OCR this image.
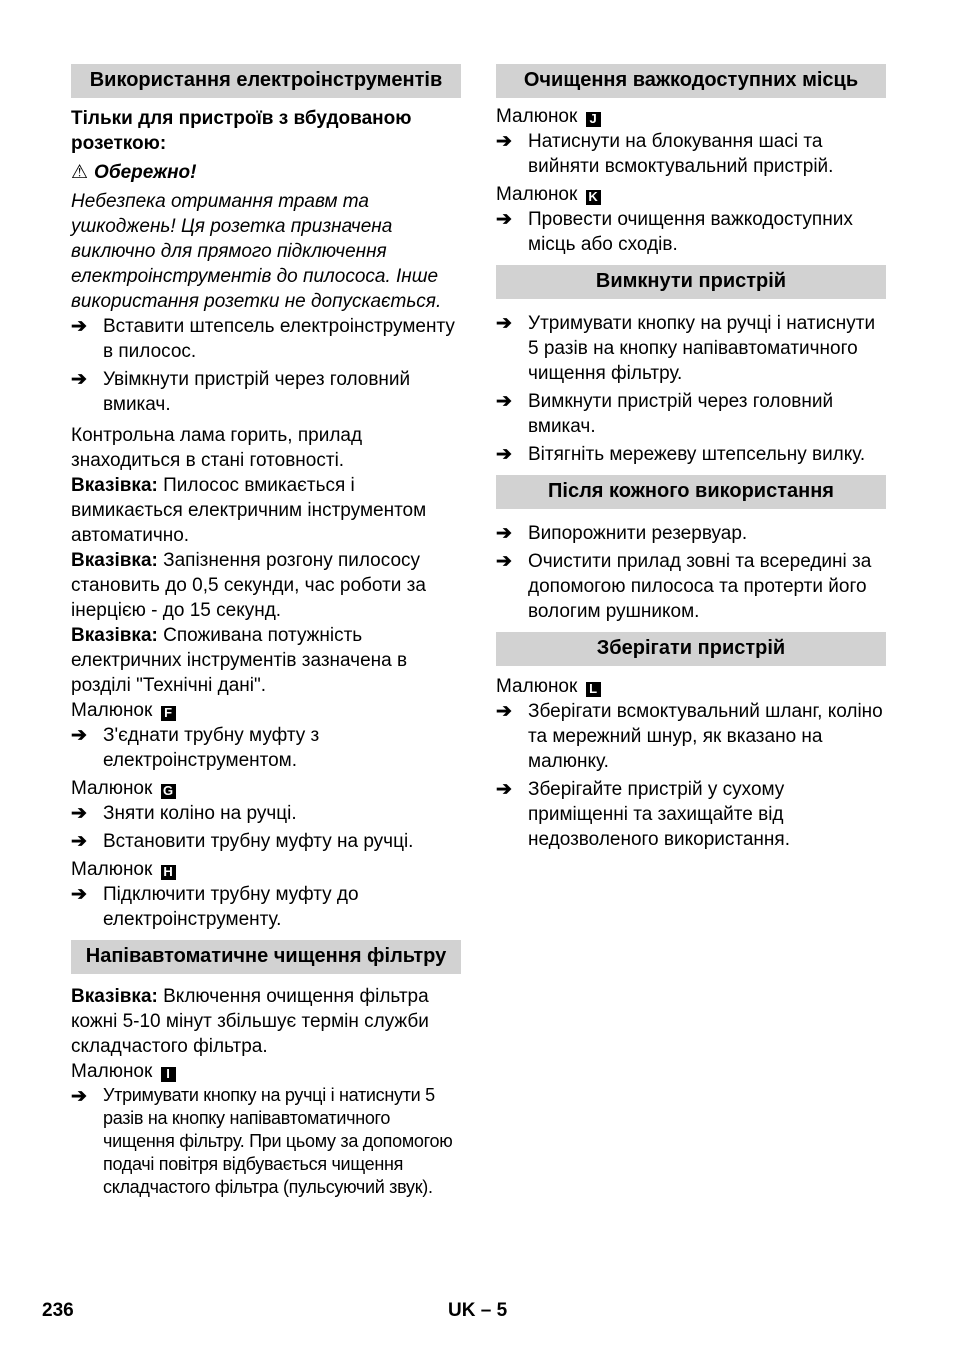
Використання електроінструментів
Тільки для пристроїв з вбудованою розеткою:
⚠ Обережно!
Небезпека отримання травм та ушкоджень! Ця розетка призначена виключно для прямого підключення електроінструментів до пилососа. Інше використання розетки не допускається.
➔ Вставити штепсель електроінструменту в пилосос.
➔ Увімкнути пристрій через головний вмикач.
Контрольна лама горить, прилад знаходиться в стані готовності.
Вказівка: Пилосос вмикається і вимикається електричним інструментом автоматично.
Вказівка: Запізнення розгону пилососу становить до 0,5 секунди, час роботи за інерцією - до 15 секунд.
Вказівка: Споживана потужність електричних інструментів зазначена в розділі "Технічні дані".
Малюнок F
➔ З'єднати трубну муфту з електроінструментом.
Малюнок G
➔ Зняти коліно на ручці.
➔ Встановити трубну муфту на ручці.
Малюнок H
➔ Підключити трубну муфту до електроінструменту.
Напівавтоматичне чищення фільтру
Вказівка: Включення очищення фільтра кожні 5-10 мінут збільшує термін служби складчастого фільтра.
Малюнок I
➔ Утримувати кнопку на ручці і натиснути 5 разів на кнопку напівавтоматичного чищення фільтру. При цьому за допомогою подачі повітря відбувається чищення складчастого фільтра (пульсуючий звук).
Очищення важкодоступних місць
Малюнок J
➔ Натиснути на блокування шасі та вийняти всмоктувальний пристрій.
Малюнок K
➔ Провести очищення важкодоступних місць або сходів.
Вимкнути пристрій
➔ Утримувати кнопку на ручці і натиснути 5 разів на кнопку напівавтоматичного чищення фільтру.
➔ Вимкнути пристрій через головний вмикач.
➔ Вітягніть мережеву штепсельну вилку.
Після кожного використання
➔ Випорожнити резервуар.
➔ Очистити прилад зовні та всередині за допомогою пилососа та протерти його вологим рушником.
Зберігати пристрій
Малюнок L
➔ Зберігати всмоктувальний шланг, коліно та мережний шнур, як вказано на малюнку.
➔ Зберігайте пристрій у сухому приміщенні та захищайте від недозволеного використання.
236	UK – 5
